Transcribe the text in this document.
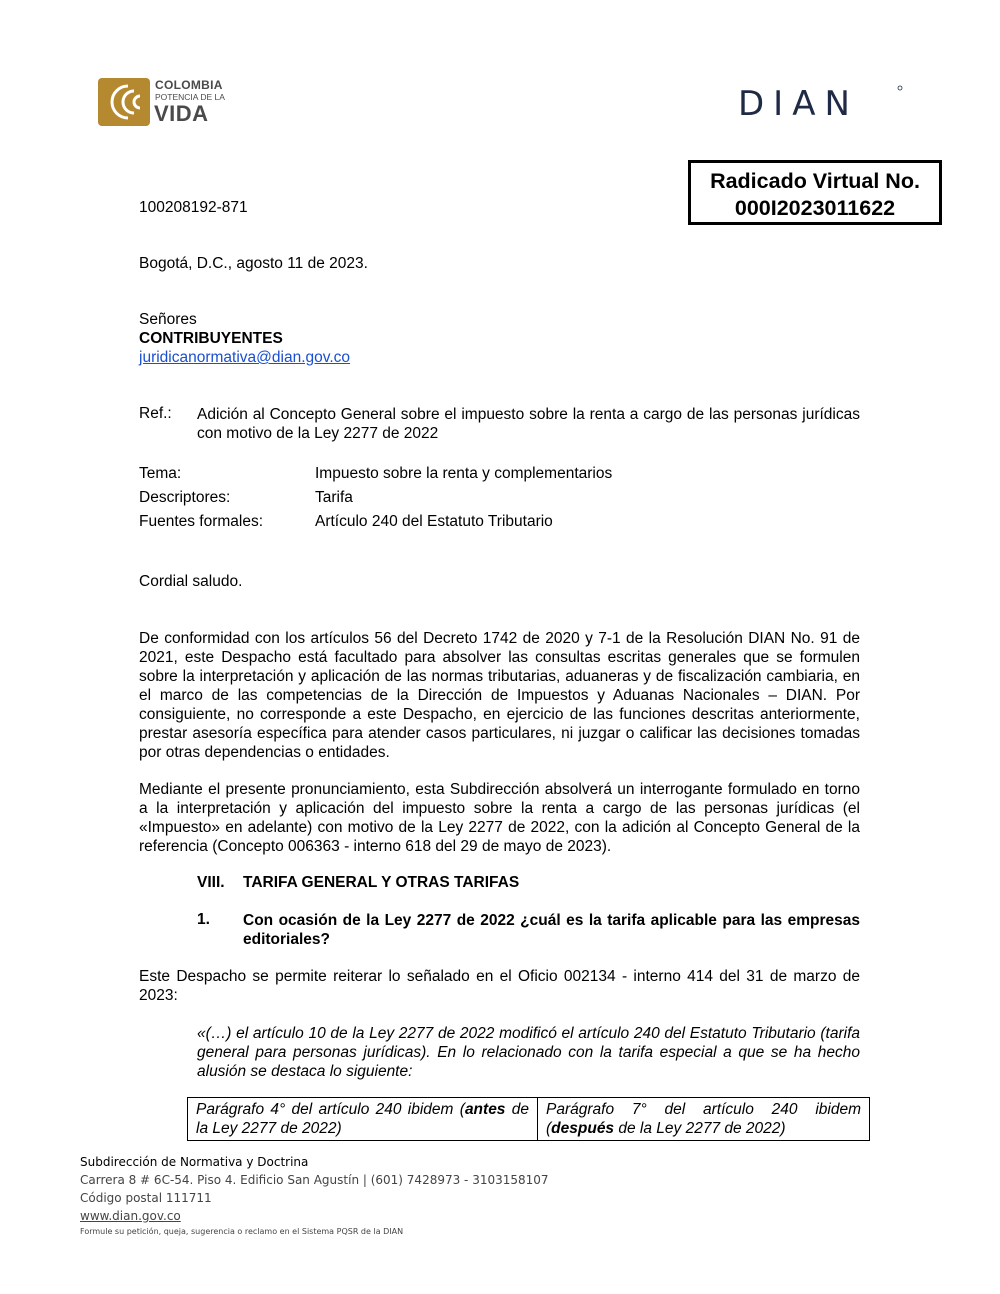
COLOMBIA
POTENCIA DE LA
VIDA	DIAN
Radicado Virtual No.
000I2023011622
100208192-871
Bogotá, D.C., agosto 11 de 2023.
Señores
CONTRIBUYENTES
juridicanormativa@dian.gov.co
Ref.: Adición al Concepto General sobre el impuesto sobre la renta a cargo de las personas jurídicas con motivo de la Ley 2277 de 2022
Tema:	Impuesto sobre la renta y complementarios
Descriptores:	Tarifa
Fuentes formales:	Artículo 240 del Estatuto Tributario
Cordial saludo.
De conformidad con los artículos 56 del Decreto 1742 de 2020 y 7-1 de la Resolución DIAN No. 91 de 2021, este Despacho está facultado para absolver las consultas escritas generales que se formulen sobre la interpretación y aplicación de las normas tributarias, aduaneras y de fiscalización cambiaria, en el marco de las competencias de la Dirección de Impuestos y Aduanas Nacionales – DIAN. Por consiguiente, no corresponde a este Despacho, en ejercicio de las funciones descritas anteriormente, prestar asesoría específica para atender casos particulares, ni juzgar o calificar las decisiones tomadas por otras dependencias o entidades.
Mediante el presente pronunciamiento, esta Subdirección absolverá un interrogante formulado en torno a la interpretación y aplicación del impuesto sobre la renta a cargo de las personas jurídicas (el «Impuesto» en adelante) con motivo de la Ley 2277 de 2022, con la adición al Concepto General de la referencia (Concepto 006363 - interno 618 del 29 de mayo de 2023).
VIII. TARIFA GENERAL Y OTRAS TARIFAS
1. Con ocasión de la Ley 2277 de 2022 ¿cuál es la tarifa aplicable para las empresas editoriales?
Este Despacho se permite reiterar lo señalado en el Oficio 002134 - interno 414 del 31 de marzo de 2023:
«(…) el artículo 10 de la Ley 2277 de 2022 modificó el artículo 240 del Estatuto Tributario (tarifa general para personas jurídicas). En lo relacionado con la tarifa especial a que se ha hecho alusión se destaca lo siguiente:
Parágrafo 4° del artículo 240 ibidem (antes de la Ley 2277 de 2022)	Parágrafo 7° del artículo 240 ibidem (después de la Ley 2277 de 2022)
Subdirección de Normativa y Doctrina
Carrera 8 # 6C-54. Piso 4. Edificio San Agustín | (601) 7428973 - 3103158107
Código postal 111711
www.dian.gov.co
Formule su petición, queja, sugerencia o reclamo en el Sistema PQSR de la DIAN
